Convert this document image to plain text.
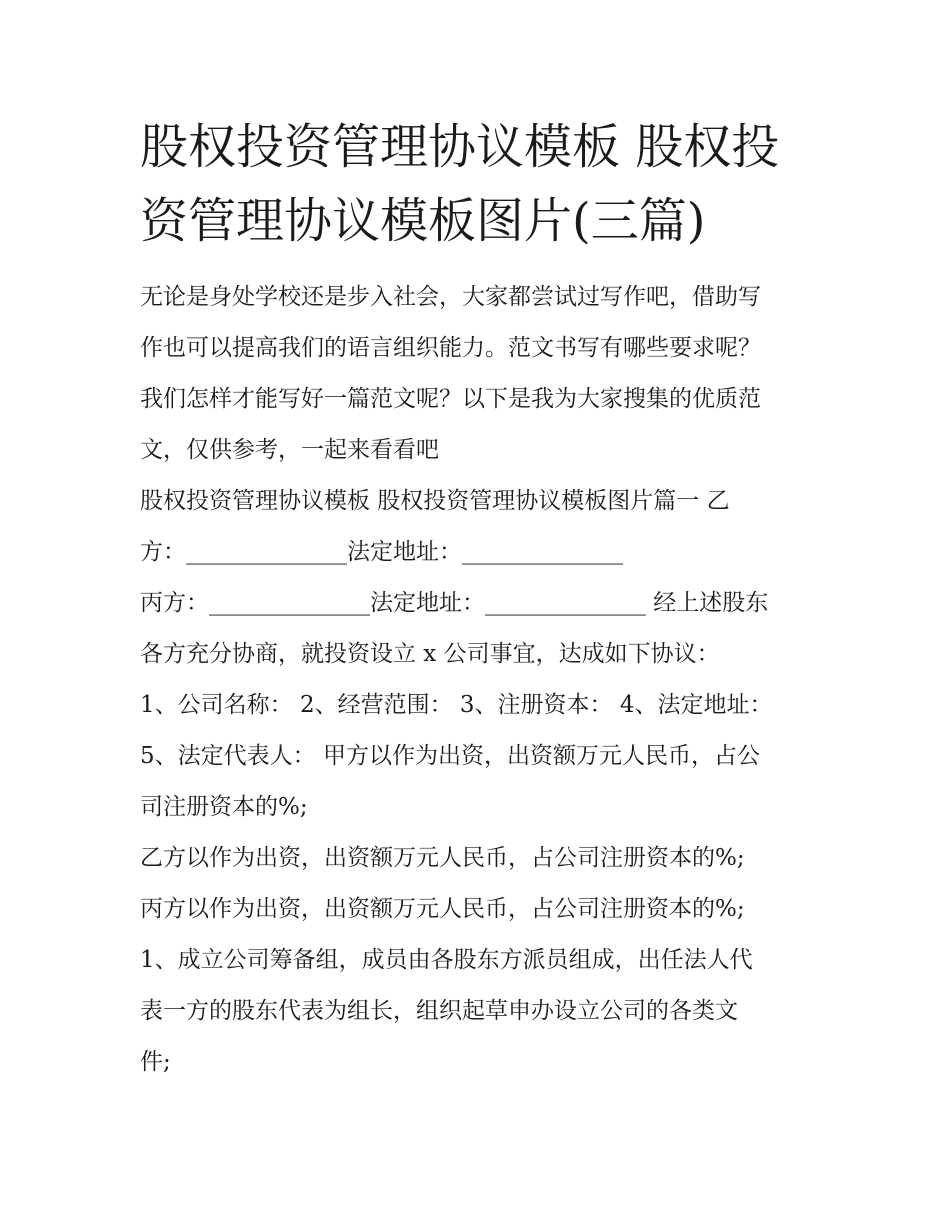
股权投资管理协议模板 股权投
资管理协议模板图片(三篇)
无论是身处学校还是步入社会，大家都尝试过写作吧，借助写
作也可以提高我们的语言组织能力。范文书写有哪些要求呢？
我们怎样才能写好一篇范文呢？以下是我为大家搜集的优质范
文，仅供参考，一起来看看吧
股权投资管理协议模板 股权投资管理协议模板图片篇一 乙
方：______________法定地址：______________
丙方：______________法定地址：______________ 经上述股东
各方充分协商，就投资设立 x 公司事宜，达成如下协议：
1、公司名称： 2、经营范围： 3、注册资本： 4、法定地址：
5、法定代表人： 甲方以作为出资，出资额万元人民币，占公
司注册资本的%;
乙方以作为出资，出资额万元人民币，占公司注册资本的%;
丙方以作为出资，出资额万元人民币，占公司注册资本的%;
1、成立公司筹备组，成员由各股东方派员组成，出任法人代
表一方的股东代表为组长，组织起草申办设立公司的各类文
件;
